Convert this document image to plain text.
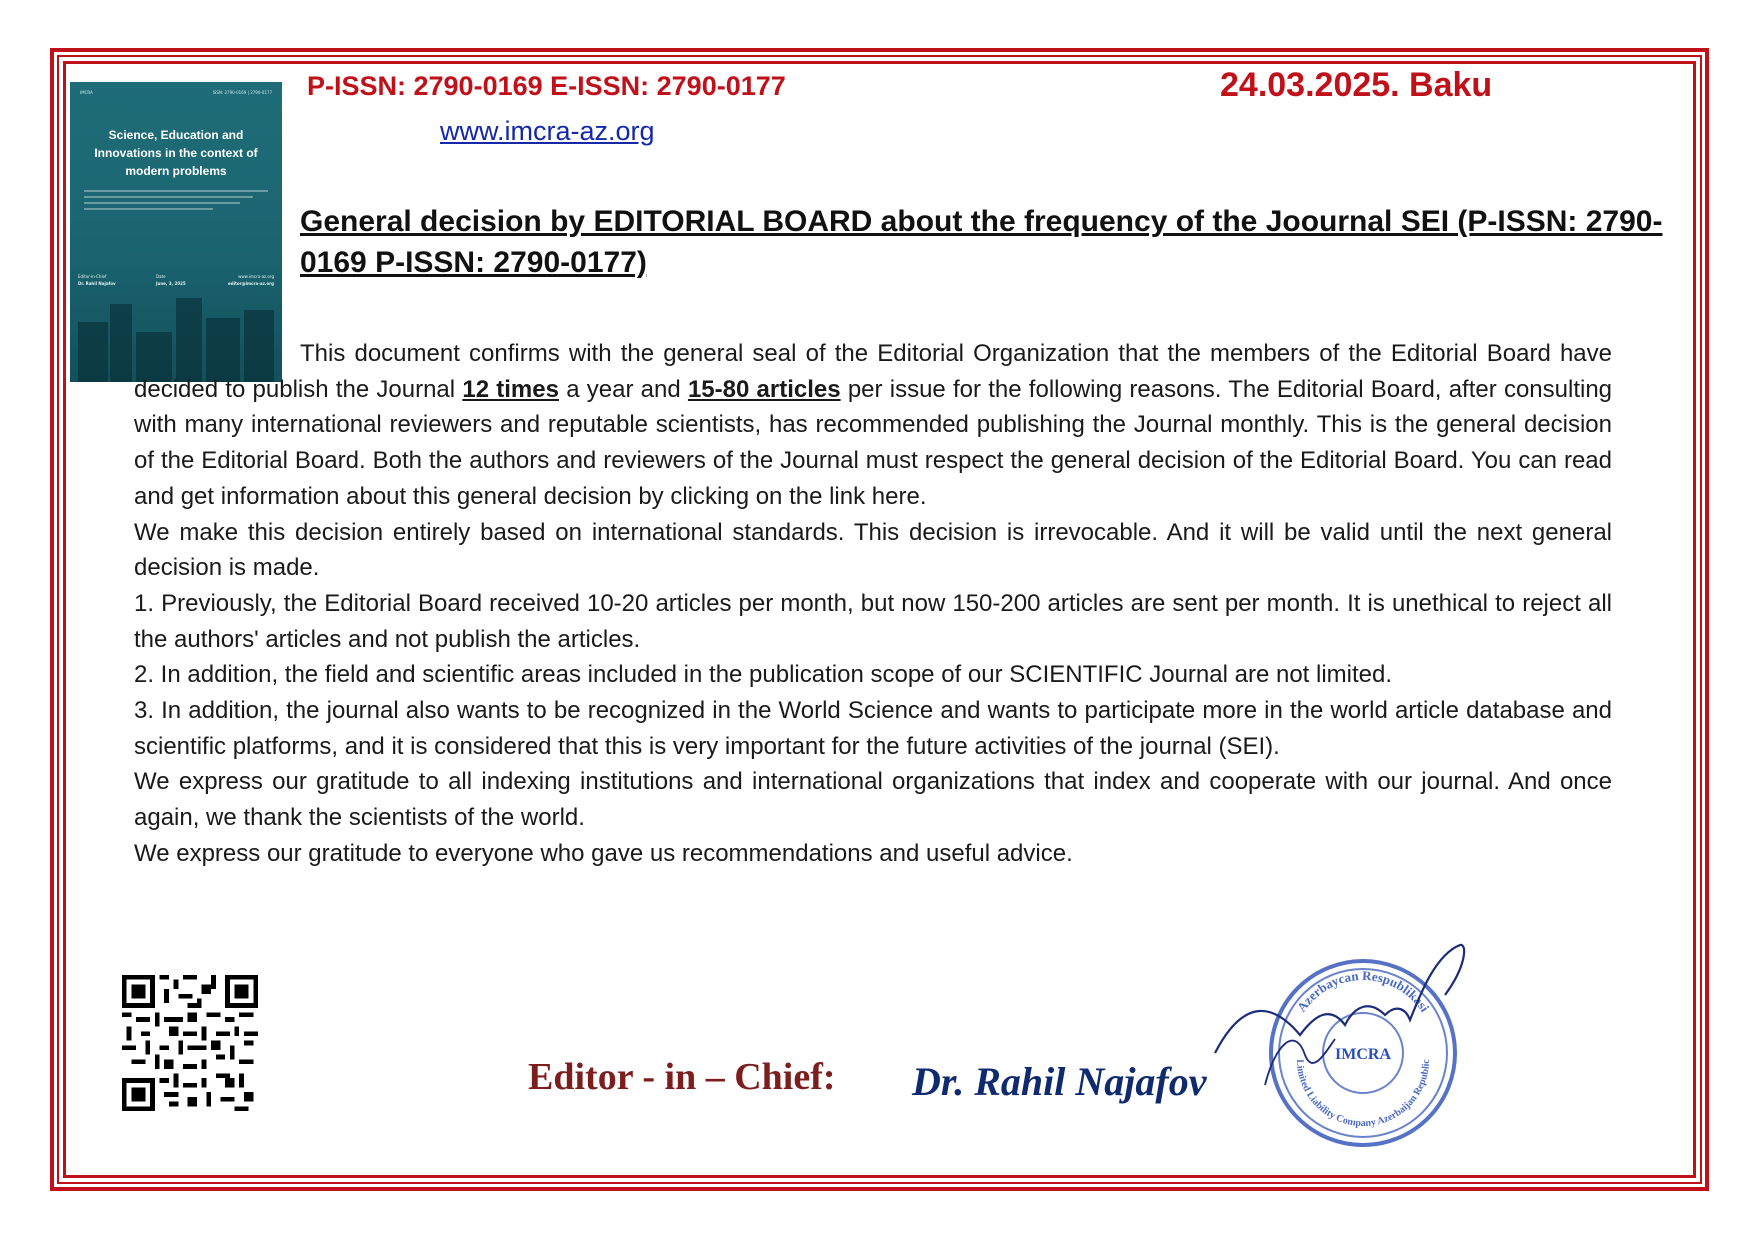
IMCRA	ISSN: 2790-0169 | 2790-0177
Science, Education and Innovations in the context of modern problems
Editor-in-Chief
Dr. Rahil Najafov
Date
June, 3, 2025
www.imcra-az.org
editor@imcra-az.org
P-ISSN: 2790-0169 E-ISSN: 2790-0177	24.03.2025. Baku
www.imcra-az.org
General decision by EDITORIAL BOARD about the frequency of the Joournal SEI (P-ISSN: 2790-0169 P-ISSN: 2790-0177)

This document confirms with the general seal of the Editorial Organization that the members of the Editorial Board have decided to publish the Journal 12 times a year and 15-80 articles per issue for the following reasons. The Editorial Board, after consulting with many international reviewers and reputable scientists, has recommended publishing the Journal monthly. This is the general decision of the Editorial Board. Both the authors and reviewers of the Journal must respect the general decision of the Editorial Board. You can read and get information about this general decision by clicking on the link here.

We make this decision entirely based on international standards. This decision is irrevocable. And it will be valid until the next general decision is made.

1. Previously, the Editorial Board received 10-20 articles per month, but now 150-200 articles are sent per month. It is unethical to reject all the authors' articles and not publish the articles.

2. In addition, the field and scientific areas included in the publication scope of our SCIENTIFIC Journal are not limited.

3. In addition, the journal also wants to be recognized in the World Science and wants to participate more in the world article database and scientific platforms, and it is considered that this is very important for the future activities of the journal (SEI).

We express our gratitude to all indexing institutions and international organizations that index and cooperate with our journal. And once again, we thank the scientists of the world.

We express our gratitude to everyone who gave us recommendations and useful advice.

Editor - in – Chief: Dr. Rahil Najafov
Azerbaycan Respublikasi
Limited Liability Company Azerbaijan Republic
IMCRA
